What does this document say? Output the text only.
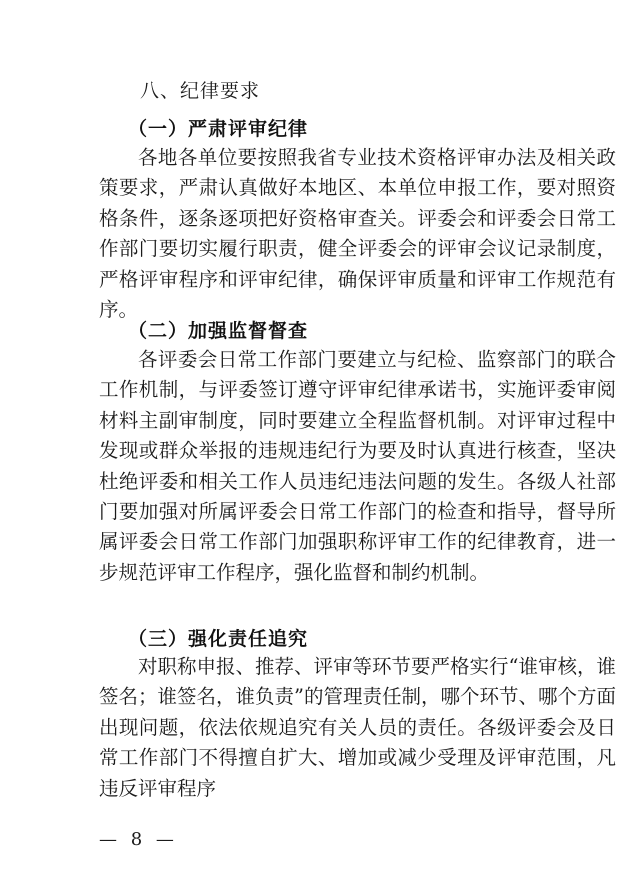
八、纪律要求
（一）严肃评审纪律
各地各单位要按照我省专业技术资格评审办法及相关政策要求，严肃认真做好本地区、本单位申报工作，要对照资格条件，逐条逐项把好资格审查关。评委会和评委会日常工作部门要切实履行职责，健全评委会的评审会议记录制度，严格评审程序和评审纪律，确保评审质量和评审工作规范有序。
（二）加强监督督查
各评委会日常工作部门要建立与纪检、监察部门的联合工作机制，与评委签订遵守评审纪律承诺书，实施评委审阅材料主副审制度，同时要建立全程监督机制。对评审过程中发现或群众举报的违规违纪行为要及时认真进行核查，坚决杜绝评委和相关工作人员违纪违法问题的发生。各级人社部门要加强对所属评委会日常工作部门的检查和指导，督导所属评委会日常工作部门加强职称评审工作的纪律教育，进一步规范评审工作程序，强化监督和制约机制。
（三）强化责任追究
对职称申报、推荐、评审等环节要严格实行“谁审核，谁签名；谁签名，谁负责”的管理责任制，哪个环节、哪个方面出现问题，依法依规追究有关人员的责任。各级评委会及日常工作部门不得擅自扩大、增加或减少受理及评审范围，凡违反评审程序
— 8 —
